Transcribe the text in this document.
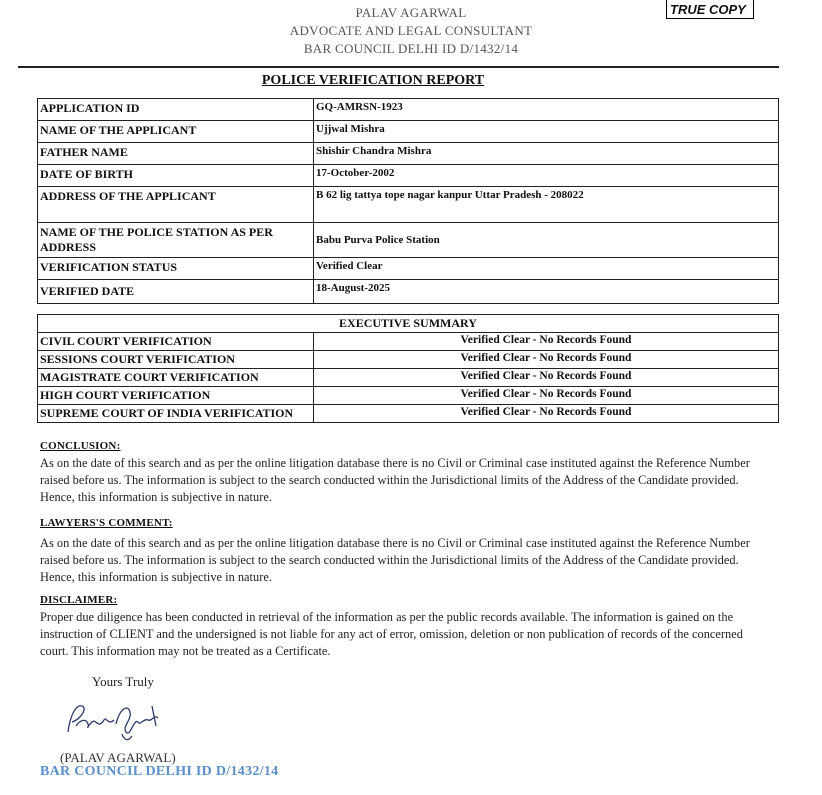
PALAV AGARWAL
ADVOCATE AND LEGAL CONSULTANT
BAR COUNCIL DELHI ID D/1432/14
TRUE COPY
POLICE VERIFICATION REPORT
APPLICATION ID	GQ-AMRSN-1923
NAME OF THE APPLICANT	Ujjwal Mishra
FATHER NAME	Shishir Chandra Mishra
DATE OF BIRTH	17-October-2002
ADDRESS OF THE APPLICANT	B 62 lig tattya tope nagar kanpur Uttar Pradesh - 208022
NAME OF THE POLICE STATION AS PER ADDRESS	Babu Purva Police Station
VERIFICATION STATUS	Verified Clear
VERIFIED DATE	18-August-2025
EXECUTIVE SUMMARY	
CIVIL COURT VERIFICATION	Verified Clear - No Records Found
SESSIONS COURT VERIFICATION	Verified Clear - No Records Found
MAGISTRATE COURT VERIFICATION	Verified Clear - No Records Found
HIGH COURT VERIFICATION	Verified Clear - No Records Found
SUPREME COURT OF INDIA VERIFICATION	Verified Clear - No Records Found
CONCLUSION:
As on the date of this search and as per the online litigation database there is no Civil or Criminal case instituted against the Reference Number raised before us. The information is subject to the search conducted within the Jurisdictional limits of the Address of the Candidate provided. Hence, this information is subjective in nature.
LAWYERS'S COMMENT:
As on the date of this search and as per the online litigation database there is no Civil or Criminal case instituted against the Reference Number raised before us. The information is subject to the search conducted within the Jurisdictional limits of the Address of the Candidate provided. Hence, this information is subjective in nature.
DISCLAIMER:
Proper due diligence has been conducted in retrieval of the information as per the public records available. The information is gained on the instruction of CLIENT and the undersigned is not liable for any act of error, omission, deletion or non publication of records of the concerned court. This information may not be treated as a Certificate.
Yours Truly
(PALAV AGARWAL)
BAR COUNCIL DELHI ID D/1432/14
